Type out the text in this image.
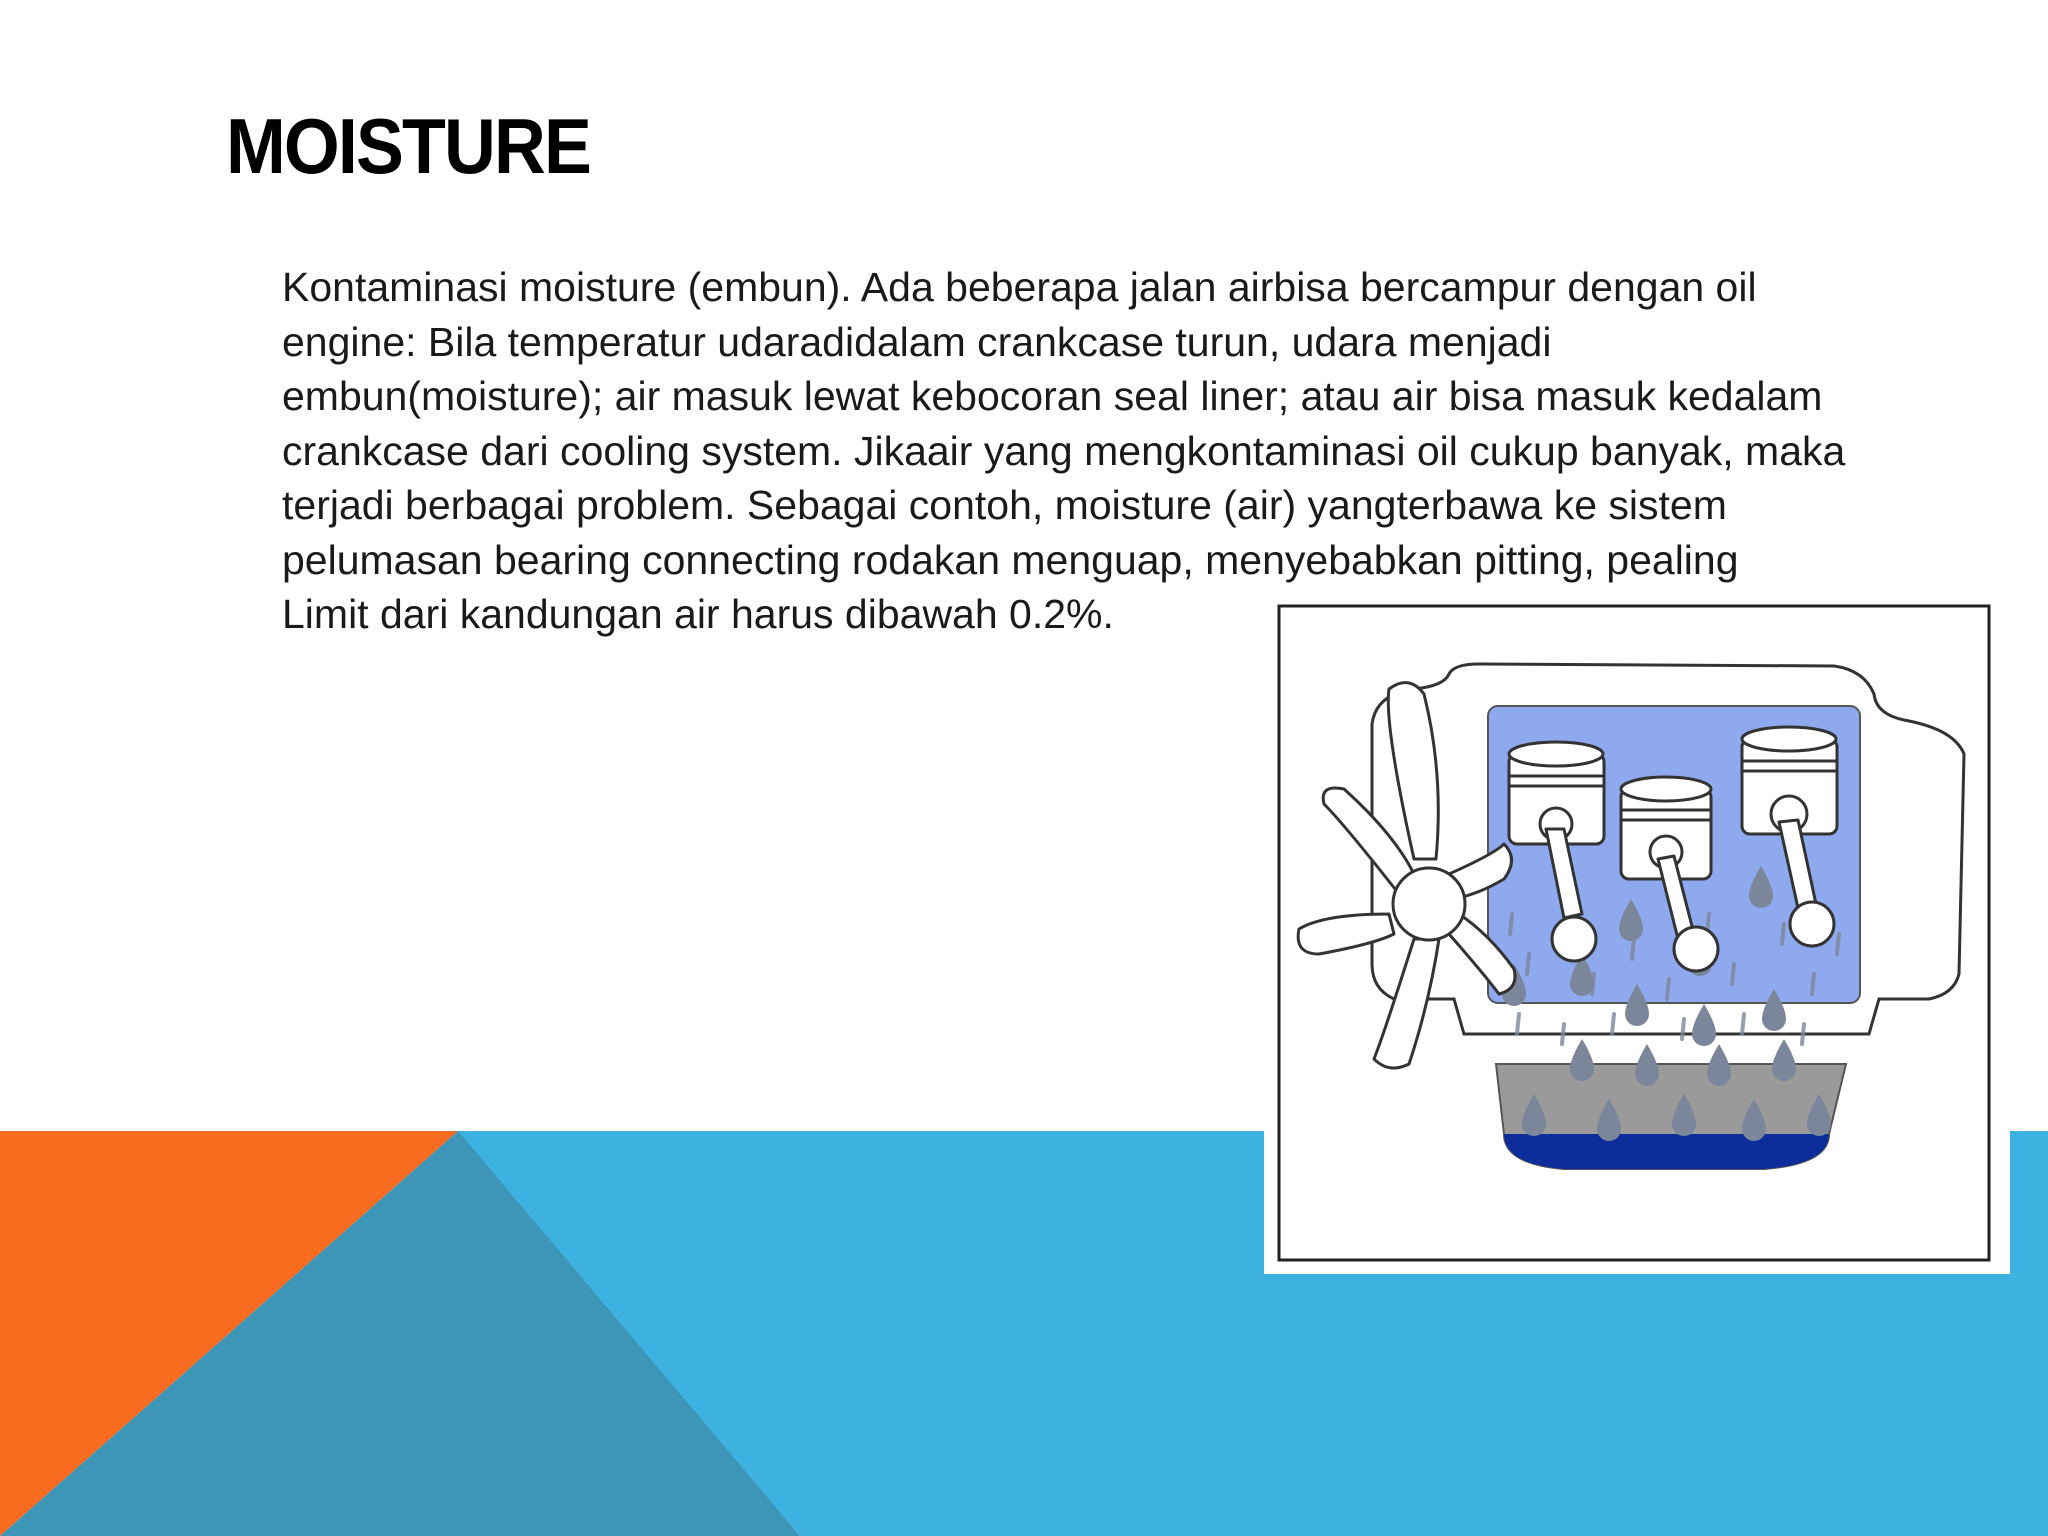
MOISTURE

Kontaminasi moisture (embun). Ada beberapa jalan airbisa bercampur dengan oil engine: Bila temperatur udaradidalam crankcase turun, udara menjadi embun(moisture); air masuk lewat kebocoran seal liner; atau air bisa masuk kedalam crankcase dari cooling system. Jikaair yang mengkontaminasi oil cukup banyak, maka terjadi berbagai problem. Sebagai contoh, moisture (air) yangterbawa ke sistem pelumasan bearing connecting rodakan menguap, menyebabkan pitting, pealing

Limit dari kandungan air harus dibawah 0.2%.
